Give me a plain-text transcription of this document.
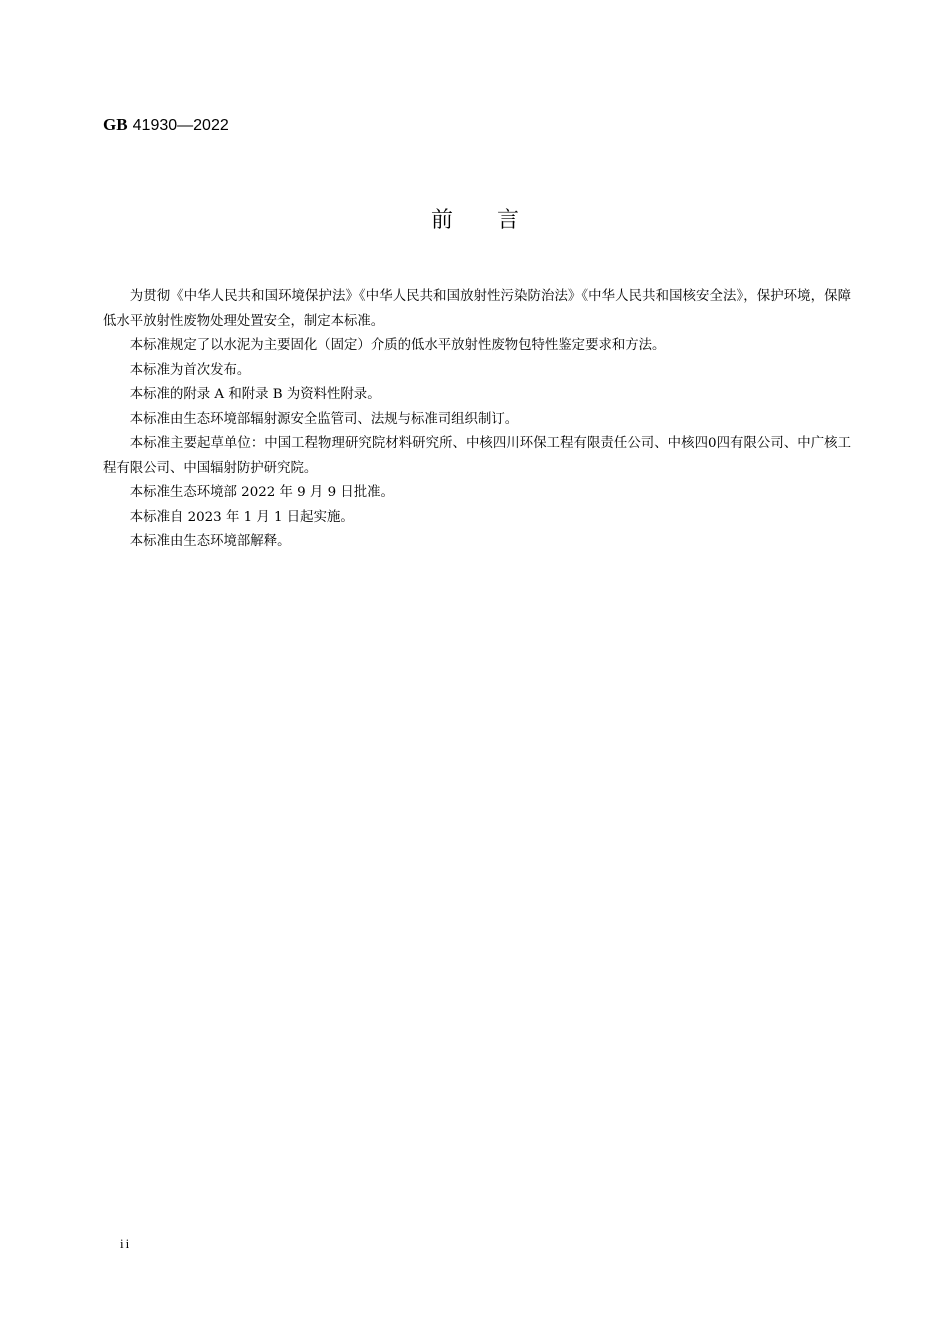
GB 41930—2022
前　　言

为贯彻《中华人民共和国环境保护法》《中华人民共和国放射性污染防治法》《中华人民共和国核安全法》，保护环境，保障低水平放射性废物处理处置安全，制定本标准。

本标准规定了以水泥为主要固化（固定）介质的低水平放射性废物包特性鉴定要求和方法。

本标准为首次发布。

本标准的附录 A 和附录 B 为资料性附录。

本标准由生态环境部辐射源安全监管司、法规与标准司组织制订。

本标准主要起草单位：中国工程物理研究院材料研究所、中核四川环保工程有限责任公司、中核四0四有限公司、中广核工程有限公司、中国辐射防护研究院。

本标准生态环境部 2022 年 9 月 9 日批准。

本标准自 2023 年 1 月 1 日起实施。

本标准由生态环境部解释。

ii
